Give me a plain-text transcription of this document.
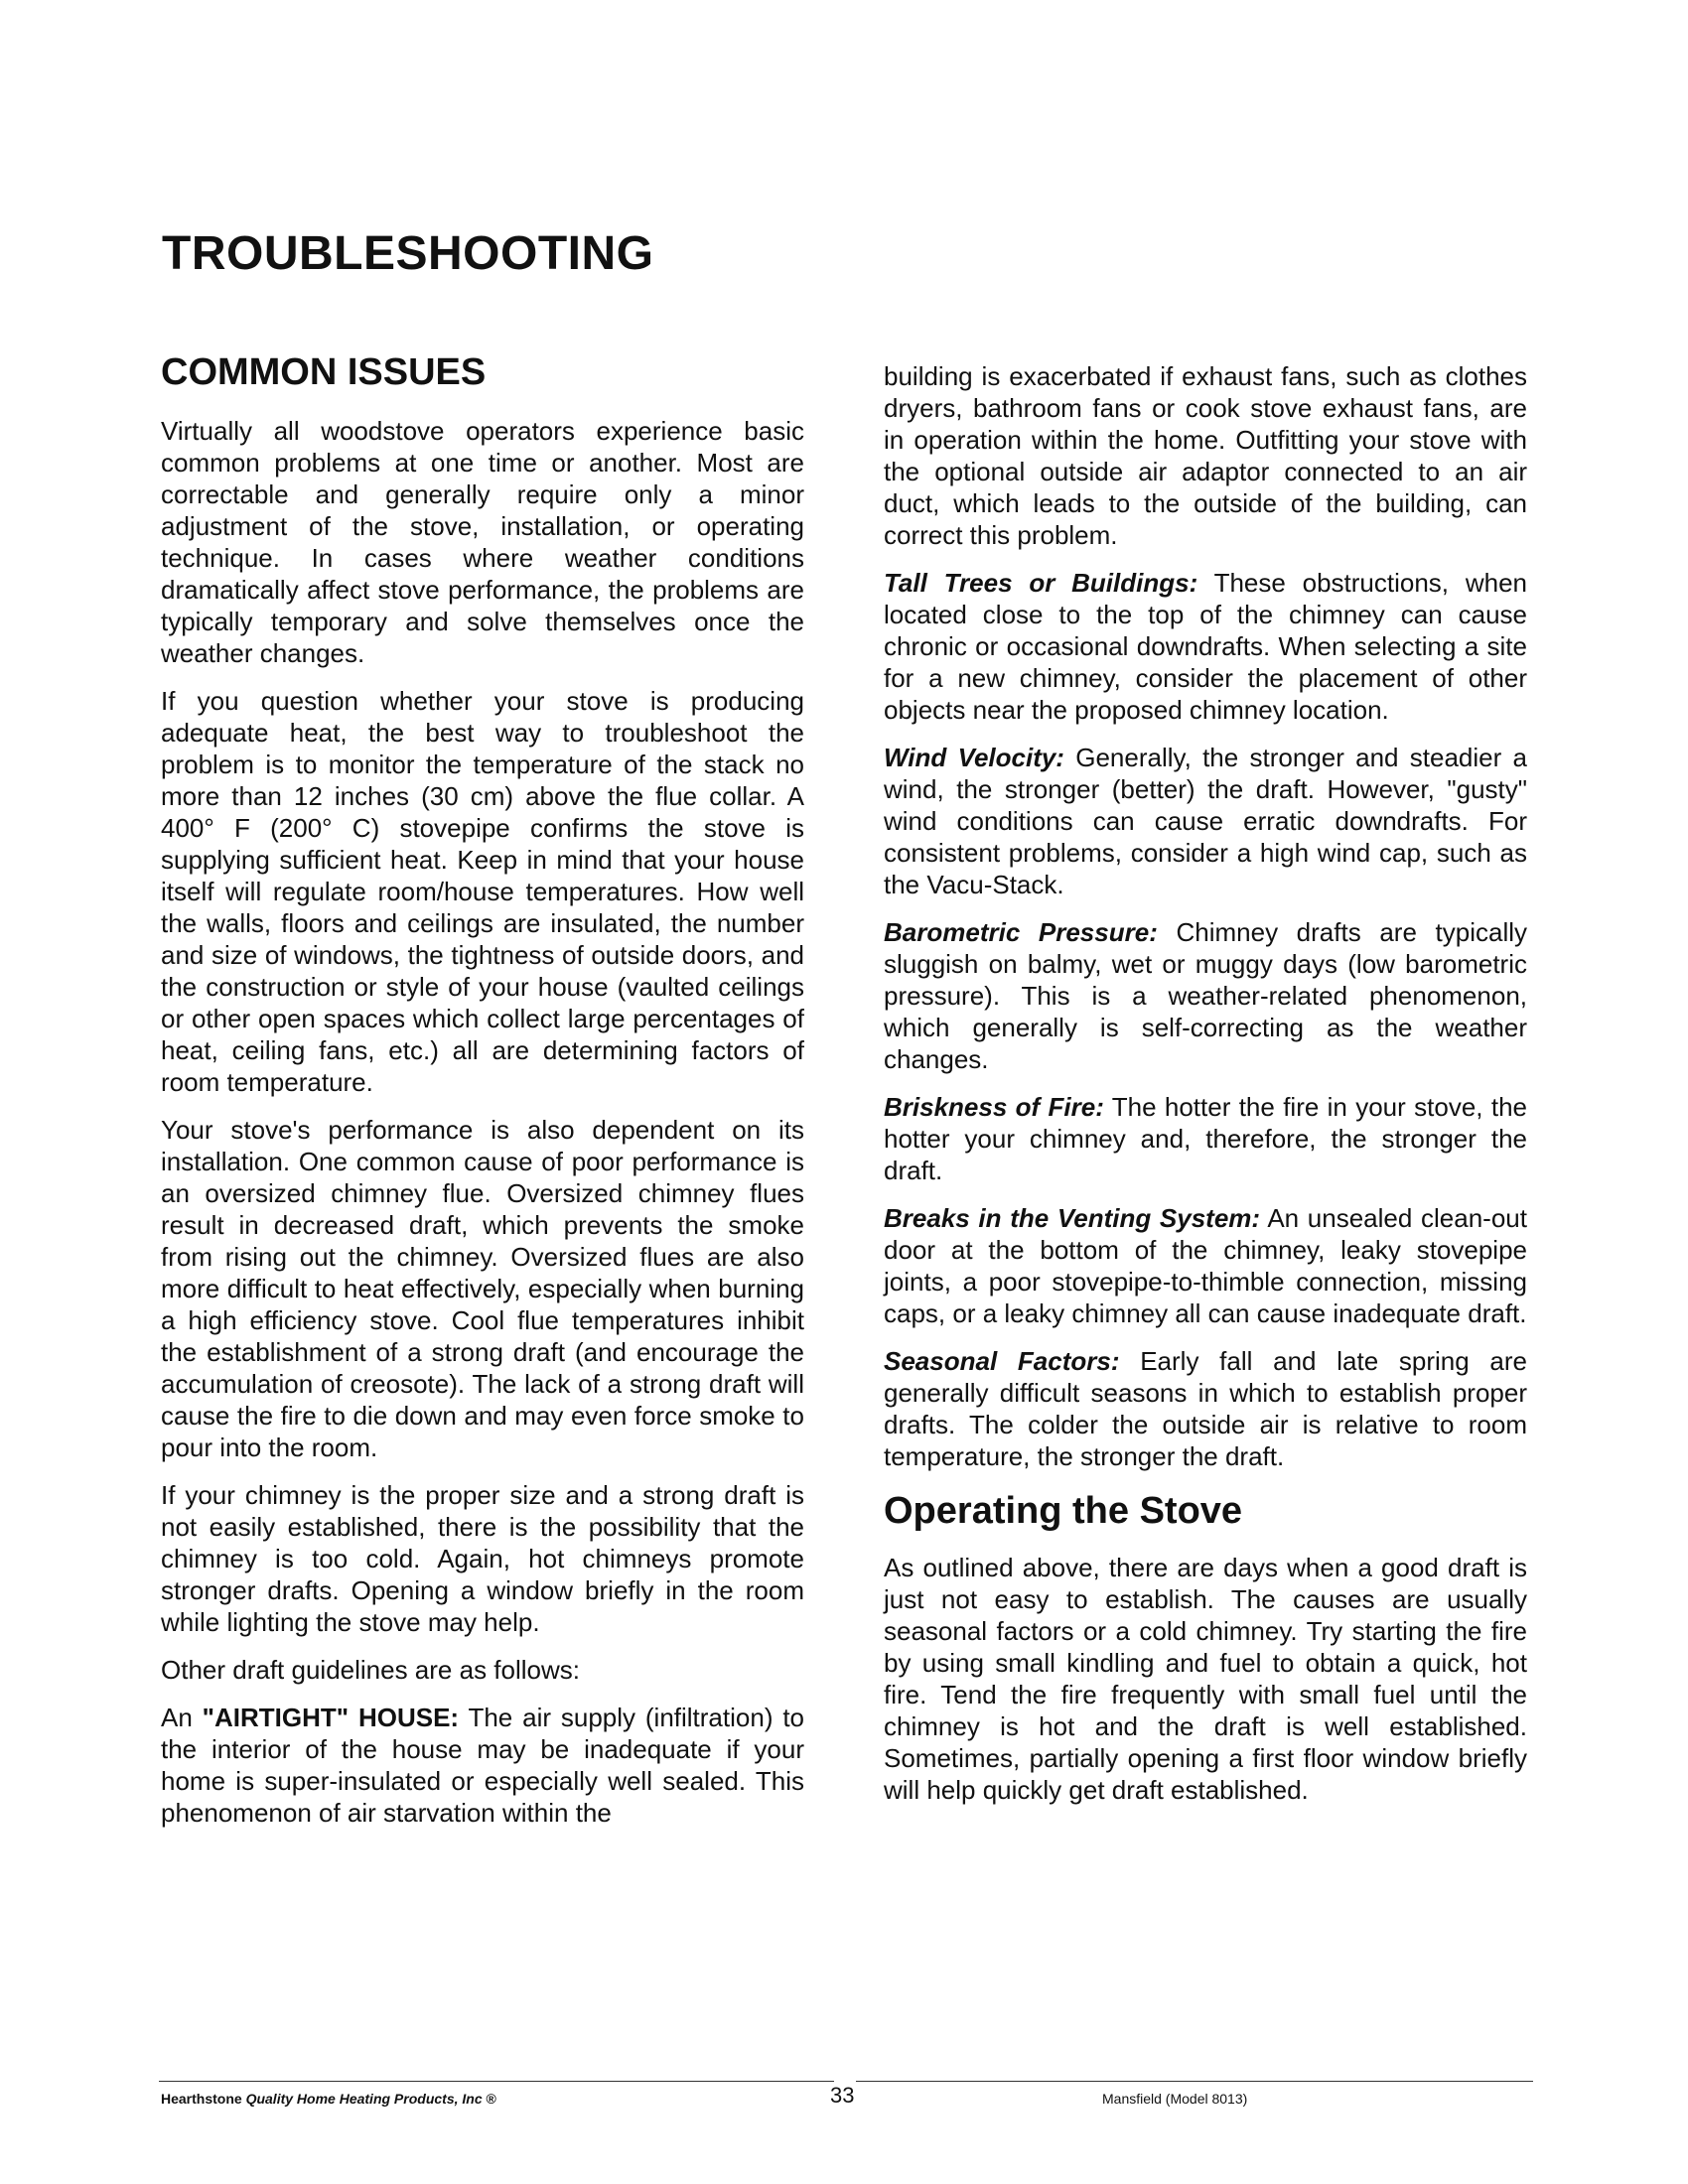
TROUBLESHOOTING
COMMON ISSUES

Virtually all woodstove operators experience basic common problems at one time or another. Most are correctable and generally require only a minor adjustment of the stove, installation, or operating technique. In cases where weather conditions dramatically affect stove performance, the problems are typically temporary and solve themselves once the weather changes.

If you question whether your stove is producing adequate heat, the best way to troubleshoot the problem is to monitor the temperature of the stack no more than 12 inches (30 cm) above the flue collar. A 400° F (200° C) stovepipe confirms the stove is supplying sufficient heat. Keep in mind that your house itself will regulate room/house temperatures. How well the walls, floors and ceilings are insulated, the number and size of windows, the tightness of outside doors, and the construction or style of your house (vaulted ceilings or other open spaces which collect large percentages of heat, ceiling fans, etc.) all are determining factors of room temperature.

Your stove's performance is also dependent on its installation. One common cause of poor performance is an oversized chimney flue. Oversized chimney flues result in decreased draft, which prevents the smoke from rising out the chimney. Oversized flues are also more difficult to heat effectively, especially when burning a high efficiency stove. Cool flue temperatures inhibit the establishment of a strong draft (and encourage the accumulation of creosote). The lack of a strong draft will cause the fire to die down and may even force smoke to pour into the room.

If your chimney is the proper size and a strong draft is not easily established, there is the possibility that the chimney is too cold. Again, hot chimneys promote stronger drafts. Opening a window briefly in the room while lighting the stove may help.

Other draft guidelines are as follows:

An "AIRTIGHT" HOUSE: The air supply (infiltration) to the interior of the house may be inadequate if your home is super-insulated or especially well sealed. This phenomenon of air starvation within the

building is exacerbated if exhaust fans, such as clothes dryers, bathroom fans or cook stove exhaust fans, are in operation within the home. Outfitting your stove with the optional outside air adaptor connected to an air duct, which leads to the outside of the building, can correct this problem.

Tall Trees or Buildings: These obstructions, when located close to the top of the chimney can cause chronic or occasional downdrafts. When selecting a site for a new chimney, consider the placement of other objects near the proposed chimney location.

Wind Velocity: Generally, the stronger and steadier a wind, the stronger (better) the draft. However, "gusty" wind conditions can cause erratic downdrafts. For consistent problems, consider a high wind cap, such as the Vacu-Stack.

Barometric Pressure: Chimney drafts are typically sluggish on balmy, wet or muggy days (low barometric pressure). This is a weather-related phenomenon, which generally is self-correcting as the weather changes.

Briskness of Fire: The hotter the fire in your stove, the hotter your chimney and, therefore, the stronger the draft.

Breaks in the Venting System: An unsealed clean-out door at the bottom of the chimney, leaky stovepipe joints, a poor stovepipe-to-thimble connection, missing caps, or a leaky chimney all can cause inadequate draft.

Seasonal Factors: Early fall and late spring are generally difficult seasons in which to establish proper drafts. The colder the outside air is relative to room temperature, the stronger the draft.

Operating the Stove

As outlined above, there are days when a good draft is just not easy to establish. The causes are usually seasonal factors or a cold chimney. Try starting the fire by using small kindling and fuel to obtain a quick, hot fire. Tend the fire frequently with small fuel until the chimney is hot and the draft is well established. Sometimes, partially opening a first floor window briefly will help quickly get draft established.

Hearthstone Quality Home Heating Products, Inc ®	33	Mansfield (Model 8013)
